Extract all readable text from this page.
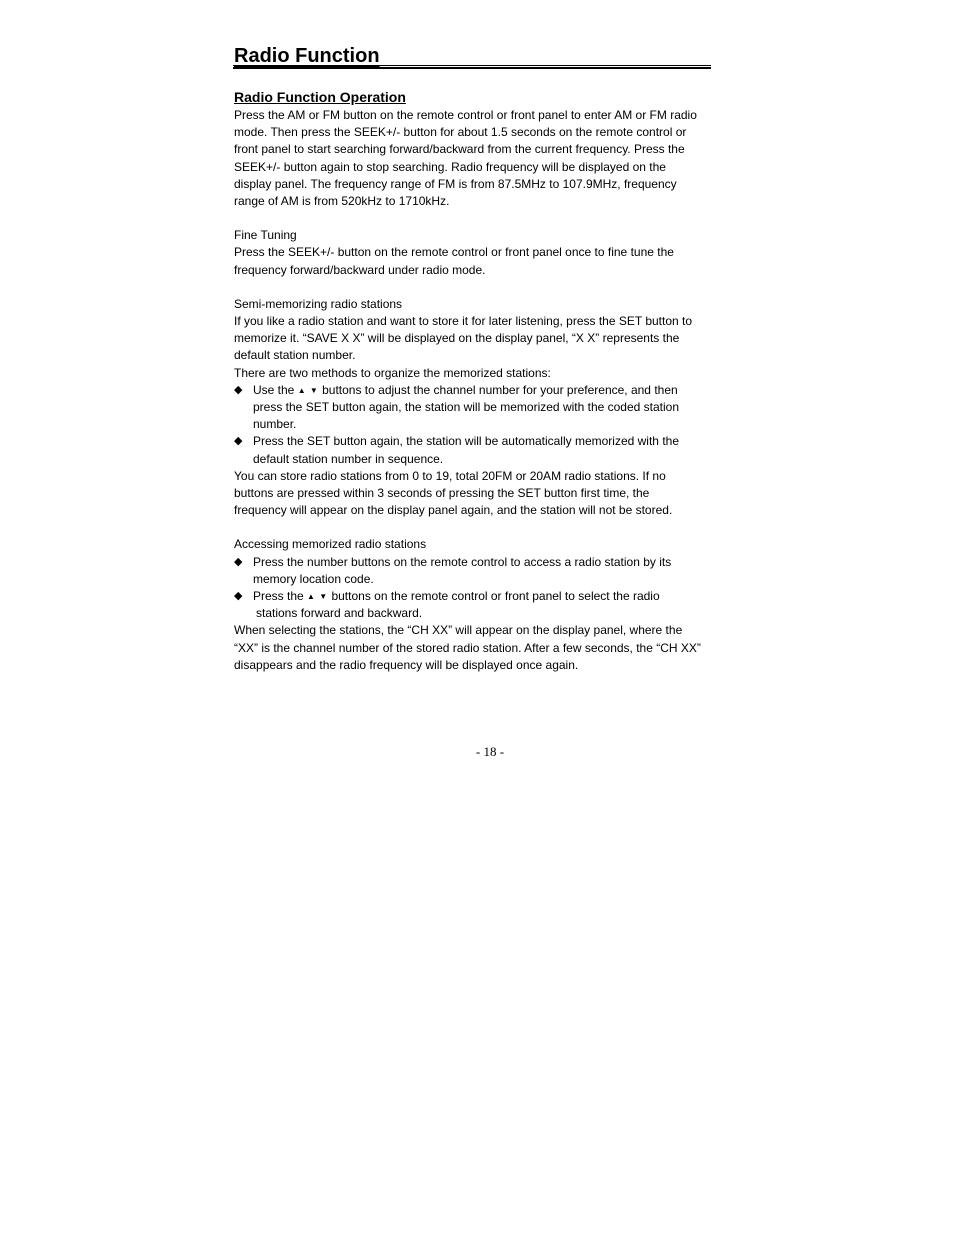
Radio Function
Radio Function Operation

Press the AM or FM button on the remote control or front panel to enter AM or FM radio

mode. Then press the SEEK+/- button for about 1.5 seconds on the remote control or

front panel to start searching forward/backward from the current frequency. Press the

SEEK+/- button again to stop searching. Radio frequency will be displayed on the

display panel. The frequency range of FM is from 87.5MHz to 107.9MHz, frequency

range of AM is from 520kHz to 1710kHz.

Fine Tuning

Press the SEEK+/- button on the remote control or front panel once to fine tune the

frequency forward/backward under radio mode.

Semi-memorizing radio stations

If you like a radio station and want to store it for later listening, press the SET button to

memorize it. “SAVE X X” will be displayed on the display panel, “X X” represents the

default station number.

There are two methods to organize the memorized stations:

◆ Use the ▲ ▼ buttons to adjust the channel number for your preference, and then

press the SET button again, the station will be memorized with the coded station

number.

◆ Press the SET button again, the station will be automatically memorized with the

default station number in sequence.

You can store radio stations from 0 to 19, total 20FM or 20AM radio stations. If no

buttons are pressed within 3 seconds of pressing the SET button first time, the

frequency will appear on the display panel again, and the station will not be stored.

Accessing memorized radio stations

◆ Press the number buttons on the remote control to access a radio station by its

memory location code.

◆ Press the ▲ ▼ buttons on the remote control or front panel to select the radio

stations forward and backward.

When selecting the stations, the “CH XX” will appear on the display panel, where the

“XX” is the channel number of the stored radio station. After a few seconds, the “CH XX”

disappears and the radio frequency will be displayed once again.

- 18 -
